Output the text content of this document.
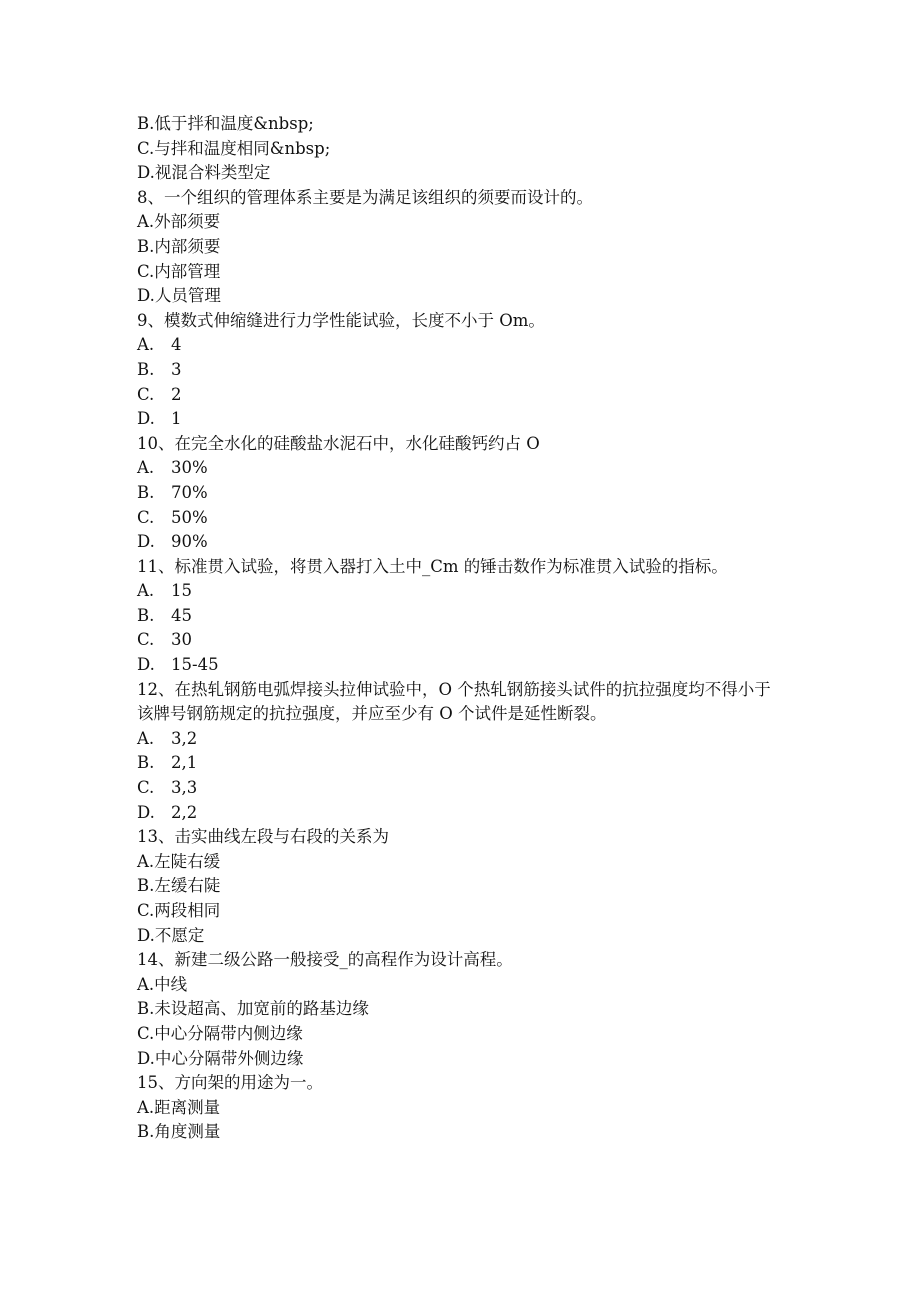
B.低于拌和温度&nbsp;
C.与拌和温度相同&nbsp;
D.视混合料类型定
8、一个组织的管理体系主要是为满足该组织的须要而设计的。
A.外部须要
B.内部须要
C.内部管理
D.人员管理
9、模数式伸缩缝进行力学性能试验，长度不小于 Om。
A. 4
B. 3
C. 2
D. 1
10、在完全水化的硅酸盐水泥石中，水化硅酸钙约占 O
A. 30%
B. 70%
C. 50%
D. 90%
11、标准贯入试验，将贯入器打入土中_Cm 的锤击数作为标准贯入试验的指标。
A. 15
B. 45
C. 30
D. 15-45
12、在热轧钢筋电弧焊接头拉伸试验中，O 个热轧钢筋接头试件的抗拉强度均不得小于该牌号钢筋规定的抗拉强度，并应至少有 O 个试件是延性断裂。
A. 3,2
B. 2,1
C. 3,3
D. 2,2
13、击实曲线左段与右段的关系为
A.左陡右缓
B.左缓右陡
C.两段相同
D.不愿定
14、新建二级公路一般接受_的高程作为设计高程。
A.中线
B.未设超高、加宽前的路基边缘
C.中心分隔带内侧边缘
D.中心分隔带外侧边缘
15、方向架的用途为一。
A.距离测量
B.角度测量
